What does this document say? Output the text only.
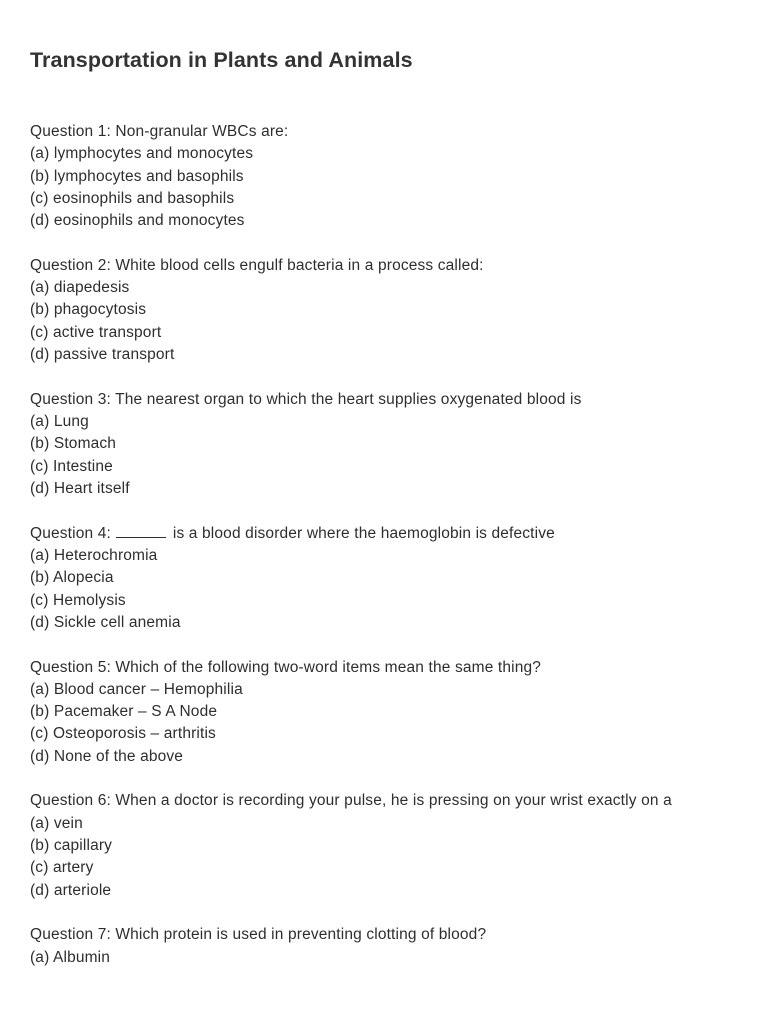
Transportation in Plants and Animals
Question 1: Non-granular WBCs are:
(a) lymphocytes and monocytes
(b) lymphocytes and basophils
(c) eosinophils and basophils
(d) eosinophils and monocytes
Question 2: White blood cells engulf bacteria in a process called:
(a) diapedesis
(b) phagocytosis
(c) active transport
(d) passive transport
Question 3: The nearest organ to which the heart supplies oxygenated blood is
(a) Lung
(b) Stomach
(c) Intestine
(d) Heart itself
Question 4:	is a blood disorder where the haemoglobin is defective
(a) Heterochromia
(b) Alopecia
(c) Hemolysis
(d) Sickle cell anemia
Question 5: Which of the following two-word items mean the same thing?
(a) Blood cancer – Hemophilia
(b) Pacemaker – S A Node
(c) Osteoporosis – arthritis
(d) None of the above
Question 6: When a doctor is recording your pulse, he is pressing on your wrist exactly on a
(a) vein
(b) capillary
(c) artery
(d) arteriole
Question 7: Which protein is used in preventing clotting of blood?
(a) Albumin
